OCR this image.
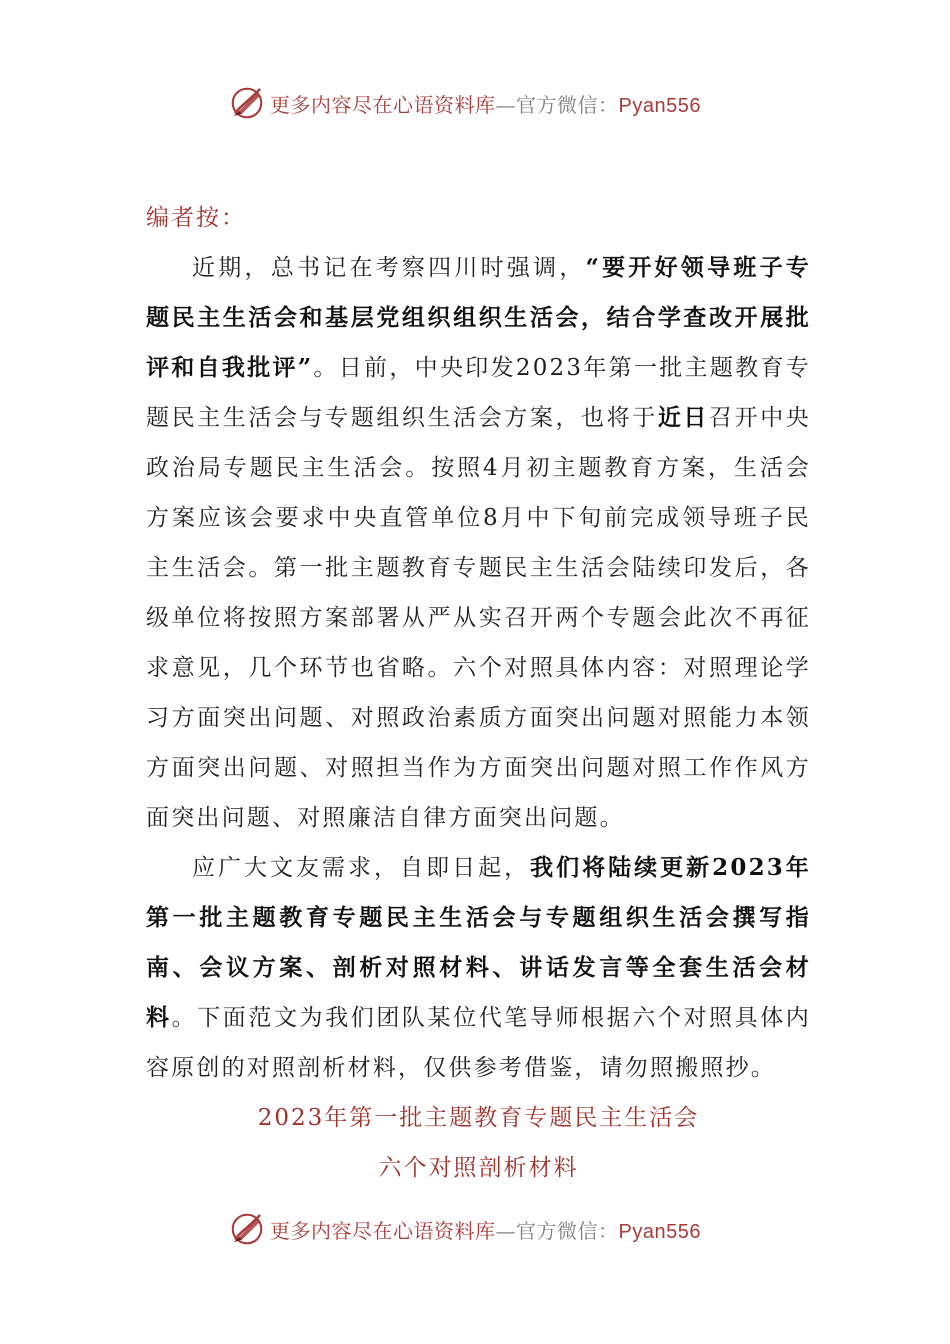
更多内容尽在心语资料库—官方微信：Pyan556
编者按：

近期，总书记在考察四川时强调，“要开好领导班子专题民主生活会和基层党组织组织生活会，结合学查改开展批评和自我批评”。日前，中央印发2023年第一批主题教育专题民主生活会与专题组织生活会方案，也将于近日召开中央政治局专题民主生活会。按照4月初主题教育方案，生活会方案应该会要求中央直管单位8月中下旬前完成领导班子民主生活会。第一批主题教育专题民主生活会陆续印发后，各级单位将按照方案部署从严从实召开两个专题会此次不再征求意见，几个环节也省略。六个对照具体内容：对照理论学习方面突出问题、对照政治素质方面突出问题对照能力本领方面突出问题、对照担当作为方面突出问题对照工作作风方面突出问题、对照廉洁自律方面突出问题。

应广大文友需求，自即日起，我们将陆续更新2023年第一批主题教育专题民主生活会与专题组织生活会撰写指南、会议方案、剖析对照材料、讲话发言等全套生活会材料。下面范文为我们团队某位代笔导师根据六个对照具体内容原创的对照剖析材料，仅供参考借鉴，请勿照搬照抄。

2023年第一批主题教育专题民主生活会

六个对照剖析材料

更多内容尽在心语资料库—官方微信：Pyan556
